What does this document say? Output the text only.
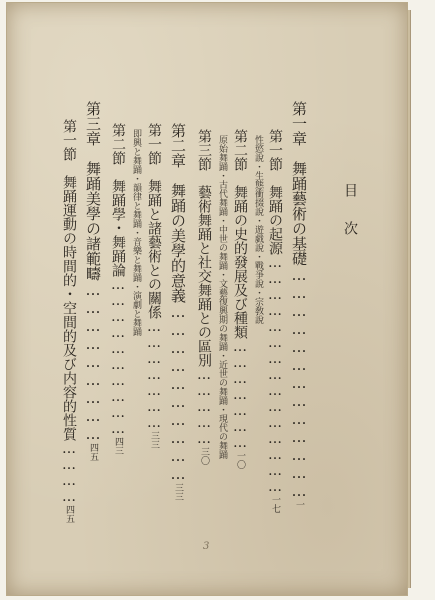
目次
第一章　舞踊藝術の基礎…………………………………一
第一節　舞踊の起源………………………………………一七
性慾說・生態衝掇說・遊戯說・戰爭說・宗敎說
第二節　舞踊の史的發展及び種類…………………一〇
原始舞踊・古代舞踊・中世の舞踊・文藝復興期の舞踊・近世の舞踊・現代の舞踊
第三節　藝術舞踊と社交舞踊との區別……………三〇
第二章　舞踊の美學的意義…………………………三三
第一節　舞踊と諸藝術との關係…………………三三
即興と舞踊・韻律と舞踊・音樂と舞踊・演劇と舞踊
第二節　舞踊學・舞踊論…………………………四三
第三章　舞踊美學の諸範疇………………………四五
第一節　舞踊運動の時間的・空間的及び内容的性質…………四五
3
